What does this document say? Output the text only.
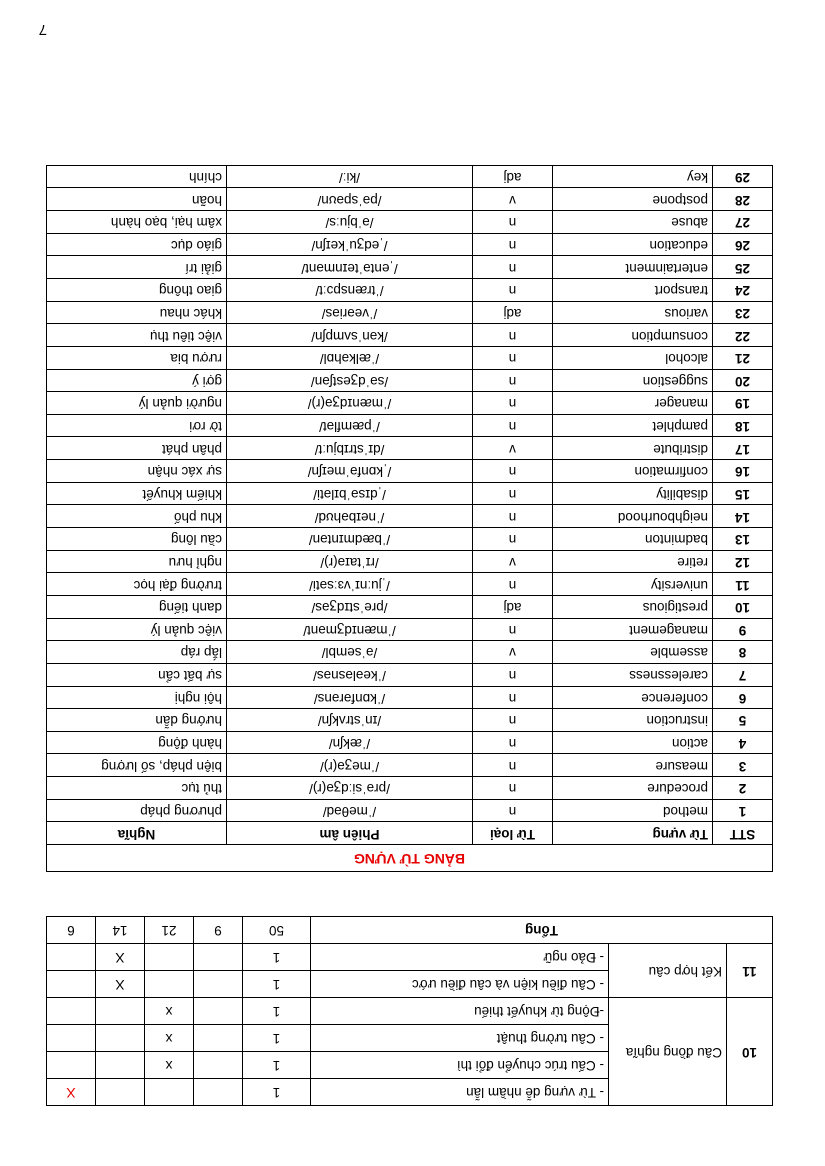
10	Câu đồng nghĩa	- Từ vựng dễ nhầm lẫn	1				X
		- Cấu trúc chuyển đổi thì	1		x		
		- Câu tường thuật	1		x		
		-Động từ khuyết thiếu	1		x		
11	Kết hợp câu	- Câu điều kiện và câu điều ước	1			X	
		- Đảo ngữ	1			X	
Tổng			50	9	21	14	6
BẢNG TỪ VỰNG				
STT	Từ vựng	Từ loại	Phiên âm	Nghĩa
1	method	n	/ˈmeθəd/	phương pháp
2	procedure	n	/prəˈsiːdʒə(r)/	thủ tục
3	measure	n	/ˈmeʒə(r)/	biện pháp, số lượng
4	action	n	/ˈækʃn/	hành động
5	instruction	n	/ɪnˈstrʌkʃn/	hướng dẫn
6	conference	n	/ˈkɒnfərəns/	hội nghị
7	carelessness	n	/ˈkeələsnəs/	sự bất cẩn
8	assemble	v	/əˈsembl/	lắp ráp
9	management	n	/ˈmænɪdʒmənt/	việc quản lý
10	prestigious	adj	/preˈstɪdʒəs/	danh tiếng
11	university	n	/ˌjuːnɪˈvɜːsəti/	trường đại học
12	retire	v	/rɪˈtaɪə(r)/	nghỉ hưu
13	badminton	n	/ˈbædmɪntən/	cầu lông
14	neighbourhood	n	/ˈneɪbəhʊd/	khu phố
15	disability	n	/ˌdɪsəˈbɪləti/	khiếm khuyết
16	confirmation	n	/ˌkɒnfəˈmeɪʃn/	sự xác nhận
17	distribute	v	/dɪˈstrɪbjuːt/	phân phát
18	pamphlet	n	/ˈpæmflət/	tờ rơi
19	manager	n	/ˈmænɪdʒə(r)/	người quản lý
20	suggestion	n	/səˈdʒestʃən/	gợi ý
21	alcohol	n	/ˈælkəhɒl/	rượu bia
22	consumption	n	/kənˈsʌmpʃn/	việc tiêu thụ
23	various	adj	/ˈveəriəs/	khác nhau
24	transport	n	/ˈtrænspɔːt/	giao thông
25	entertainment	n	/ˌentəˈteɪnmənt/	giải trí
26	education	n	/ˌedʒuˈkeɪʃn/	giáo dục
27	abuse	n	/əˈbjuːs/	xâm hại, bạo hành
28	postpone	v	/pəˈspəʊn/	hoãn
29	key	adj	/kiː/	chính
7
